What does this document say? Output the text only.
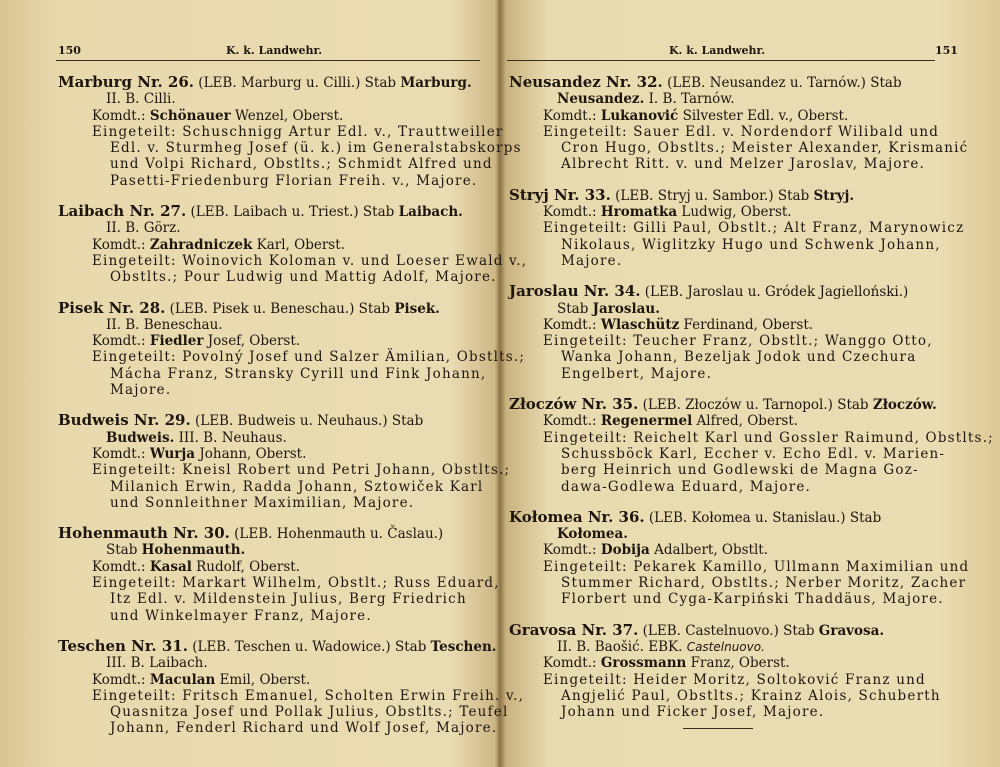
150	K. k. Landwehr.
Marburg Nr. 26. (LEB. Marburg u. Cilli.) Stab Marburg.
II. B. Cilli.
Komdt.: Schönauer Wenzel, Oberst.
Eingeteilt: Schuschnigg Artur Edl. v., Trauttweiller
Edl. v. Sturmheg Josef (ü. k.) im Generalstabskorps
und Volpi Richard, Obstlts.; Schmidt Alfred und
Pasetti-Friedenburg Florian Freih. v., Majore.
Laibach Nr. 27. (LEB. Laibach u. Triest.) Stab Laibach.
II. B. Görz.
Komdt.: Zahradniczek Karl, Oberst.
Eingeteilt: Woinovich Koloman v. und Loeser Ewald v.,
Obstlts.; Pour Ludwig und Mattig Adolf, Majore.
Pisek Nr. 28. (LEB. Pisek u. Beneschau.) Stab Pisek.
II. B. Beneschau.
Komdt.: Fiedler Josef, Oberst.
Eingeteilt: Povolný Josef und Salzer Ämilian, Obstlts.;
Mácha Franz, Stransky Cyrill und Fink Johann,
Majore.
Budweis Nr. 29. (LEB. Budweis u. Neuhaus.) Stab
Budweis. III. B. Neuhaus.
Komdt.: Wurja Johann, Oberst.
Eingeteilt: Kneisl Robert und Petri Johann, Obstlts.;
Milanich Erwin, Radda Johann, Sztowiček Karl
und Sonnleithner Maximilian, Majore.
Hohenmauth Nr. 30. (LEB. Hohenmauth u. Časlau.)
Stab Hohenmauth.
Komdt.: Kasal Rudolf, Oberst.
Eingeteilt: Markart Wilhelm, Obstlt.; Russ Eduard,
Itz Edl. v. Mildenstein Julius, Berg Friedrich
und Winkelmayer Franz, Majore.
Teschen Nr. 31. (LEB. Teschen u. Wadowice.) Stab Teschen.
III. B. Laibach.
Komdt.: Maculan Emil, Oberst.
Eingeteilt: Fritsch Emanuel, Scholten Erwin Freih. v.,
Quasnitza Josef und Pollak Julius, Obstlts.; Teufel
Johann, Fenderl Richard und Wolf Josef, Majore.
K. k. Landwehr.	151
Neusandez Nr. 32. (LEB. Neusandez u. Tarnów.) Stab
Neusandez. I. B. Tarnów.
Komdt.: Lukanović Silvester Edl. v., Oberst.
Eingeteilt: Sauer Edl. v. Nordendorf Wilibald und
Cron Hugo, Obstlts.; Meister Alexander, Krismanić
Albrecht Ritt. v. und Melzer Jaroslav, Majore.
Stryj Nr. 33. (LEB. Stryj u. Sambor.) Stab Stryj.
Komdt.: Hromatka Ludwig, Oberst.
Eingeteilt: Gilli Paul, Obstlt.; Alt Franz, Marynowicz
Nikolaus, Wiglitzky Hugo und Schwenk Johann,
Majore.
Jaroslau Nr. 34. (LEB. Jaroslau u. Gródek Jagielloński.)
Stab Jaroslau.
Komdt.: Wlaschütz Ferdinand, Oberst.
Eingeteilt: Teucher Franz, Obstlt.; Wanggo Otto,
Wanka Johann, Bezeljak Jodok und Czechura
Engelbert, Majore.
Złoczów Nr. 35. (LEB. Złoczów u. Tarnopol.) Stab Złoczów.
Komdt.: Regenermel Alfred, Oberst.
Eingeteilt: Reichelt Karl und Gossler Raimund, Obstlts.;
Schussböck Karl, Eccher v. Echo Edl. v. Marien-
berg Heinrich und Godlewski de Magna Goz-
dawa-Godlewa Eduard, Majore.
Kołomea Nr. 36. (LEB. Kołomea u. Stanislau.) Stab
Kołomea.
Komdt.: Dobija Adalbert, Obstlt.
Eingeteilt: Pekarek Kamillo, Ullmann Maximilian und
Stummer Richard, Obstlts.; Nerber Moritz, Zacher
Florbert und Cyga-Karpiński Thaddäus, Majore.
Gravosa Nr. 37. (LEB. Castelnuovo.) Stab Gravosa.
II. B. Baošić. EBK. Castelnuovo.
Komdt.: Grossmann Franz, Oberst.
Eingeteilt: Heider Moritz, Soltoković Franz und
Angjelić Paul, Obstlts.; Krainz Alois, Schuberth
Johann und Ficker Josef, Majore.
